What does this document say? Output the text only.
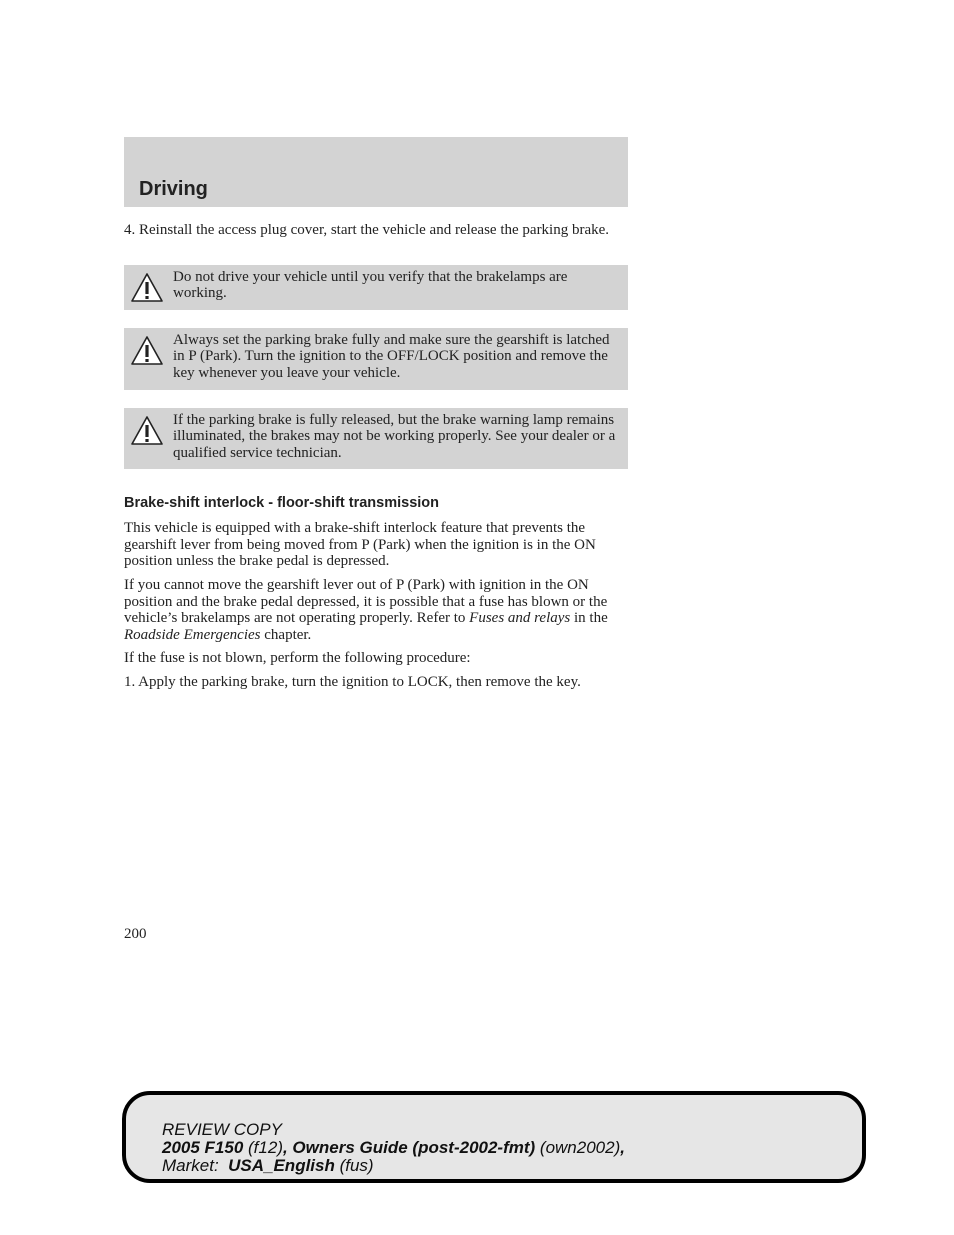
Driving

4. Reinstall the access plug cover, start the vehicle and release the parking brake.

Do not drive your vehicle until you verify that the brakelamps are working.
Always set the parking brake fully and make sure the gearshift is latched in P (Park). Turn the ignition to the OFF/LOCK position and remove the key whenever you leave your vehicle.
If the parking brake is fully released, but the brake warning lamp remains illuminated, the brakes may not be working properly. See your dealer or a qualified service technician.
Brake-shift interlock - floor-shift transmission

This vehicle is equipped with a brake-shift interlock feature that prevents the gearshift lever from being moved from P (Park) when the ignition is in the ON position unless the brake pedal is depressed.

If you cannot move the gearshift lever out of P (Park) with ignition in the ON position and the brake pedal depressed, it is possible that a fuse has blown or the vehicle’s brakelamps are not operating properly. Refer to Fuses and relays in the Roadside Emergencies chapter.

If the fuse is not blown, perform the following procedure:

1. Apply the parking brake, turn the ignition to LOCK, then remove the key.

200
REVIEW COPY
2005 F150 (f12), Owners Guide (post-2002-fmt) (own2002),
Market:  USA_English (fus)
